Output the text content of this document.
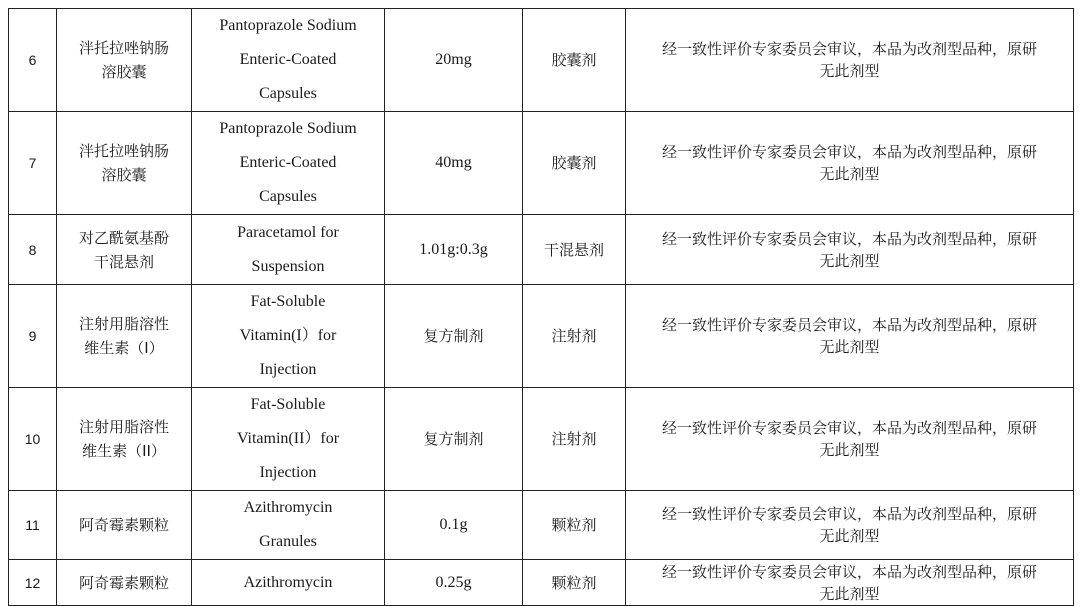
6	泮托拉唑钠肠
溶胶囊	Pantoprazole Sodium
Enteric-Coated
Capsules	20mg	胶囊剂	经一致性评价专家委员会审议，本品为改剂型品种，原研
无此剂型
7	泮托拉唑钠肠
溶胶囊	Pantoprazole Sodium
Enteric-Coated
Capsules	40mg	胶囊剂	经一致性评价专家委员会审议，本品为改剂型品种，原研
无此剂型
8	对乙酰氨基酚
干混悬剂	Paracetamol for
Suspension	1.01g:0.3g	干混悬剂	经一致性评价专家委员会审议，本品为改剂型品种，原研
无此剂型
9	注射用脂溶性
维生素（Ⅰ）	Fat-Soluble
Vitamin(I）for
Injection	复方制剂	注射剂	经一致性评价专家委员会审议，本品为改剂型品种，原研
无此剂型
10	注射用脂溶性
维生素（II）	Fat-Soluble
Vitamin(II）for
Injection	复方制剂	注射剂	经一致性评价专家委员会审议，本品为改剂型品种，原研
无此剂型
11	阿奇霉素颗粒	Azithromycin
Granules	0.1g	颗粒剂	经一致性评价专家委员会审议，本品为改剂型品种，原研
无此剂型
12	阿奇霉素颗粒	Azithromycin	0.25g	颗粒剂	经一致性评价专家委员会审议，本品为改剂型品种，原研
无此剂型
